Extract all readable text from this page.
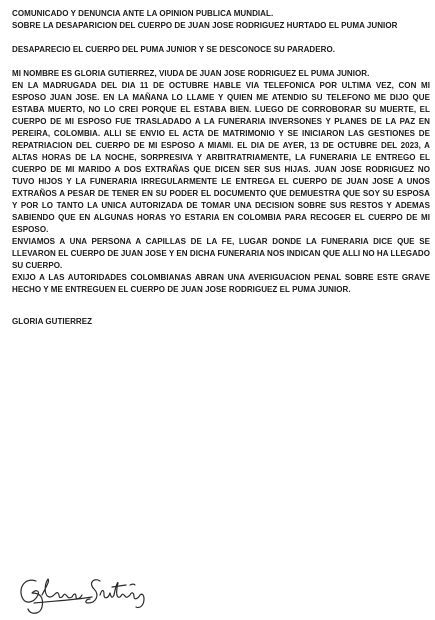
COMUNICADO Y DENUNCIA ANTE LA OPINION PUBLICA MUNDIAL.

SOBRE LA DESAPARICION DEL CUERPO DE JUAN JOSE RODRIGUEZ HURTADO EL PUMA JUNIOR

DESAPARECIO EL CUERPO DEL PUMA JUNIOR Y SE DESCONOCE SU PARADERO.

MI NOMBRE ES GLORIA GUTIERREZ, VIUDA DE JUAN JOSE RODRIGUEZ EL PUMA JUNIOR.

EN LA MADRUGADA DEL DIA 11 DE OCTUBRE HABLE VIA TELEFONICA POR ULTIMA VEZ, CON MI ESPOSO JUAN JOSE. EN LA MAÑANA LO LLAME Y QUIEN ME ATENDIO SU TELEFONO ME DIJO QUE ESTABA MUERTO, NO LO CREI PORQUE EL ESTABA BIEN. LUEGO DE CORROBORAR SU MUERTE, EL CUERPO DE MI ESPOSO FUE TRASLADADO A LA FUNERARIA INVERSONES Y PLANES DE LA PAZ EN PEREIRA, COLOMBIA. ALLI SE ENVIO EL ACTA DE MATRIMONIO Y SE INICIARON LAS GESTIONES DE REPATRIACION DEL CUERPO DE MI ESPOSO A MIAMI. EL DIA DE AYER, 13 DE OCTUBRE DEL 2023, A ALTAS HORAS DE LA NOCHE, SORPRESIVA Y ARBITRATRIAMENTE, LA FUNERARIA LE ENTREGO EL CUERPO DE MI MARIDO A DOS EXTRAÑAS QUE DICEN SER SUS HIJAS. JUAN JOSE RODRIGUEZ NO TUVO HIJOS Y LA FUNERARIA IRREGULARMENTE LE ENTREGA EL CUERPO DE JUAN JOSE A UNOS EXTRAÑOS A PESAR DE TENER EN SU PODER EL DOCUMENTO QUE DEMUESTRA QUE SOY SU ESPOSA Y POR LO TANTO LA UNICA AUTORIZADA DE TOMAR UNA DECISION SOBRE SUS RESTOS Y ADEMAS SABIENDO QUE EN ALGUNAS HORAS YO ESTARIA EN COLOMBIA PARA RECOGER EL CUERPO DE MI ESPOSO.

ENVIAMOS A UNA PERSONA A CAPILLAS DE LA FE, LUGAR DONDE LA FUNERARIA DICE QUE SE LLEVARON EL CUERPO DE JUAN JOSE Y EN DICHA FUNERARIA NOS INDICAN QUE ALLI NO HA LLEGADO SU CUERPO.

EXIJO A LAS AUTORIDADES COLOMBIANAS ABRAN UNA AVERIGUACION PENAL SOBRE ESTE GRAVE HECHO Y ME ENTREGUEN EL CUERPO DE JUAN JOSE RODRIGUEZ EL PUMA JUNIOR.

GLORIA GUTIERREZ
